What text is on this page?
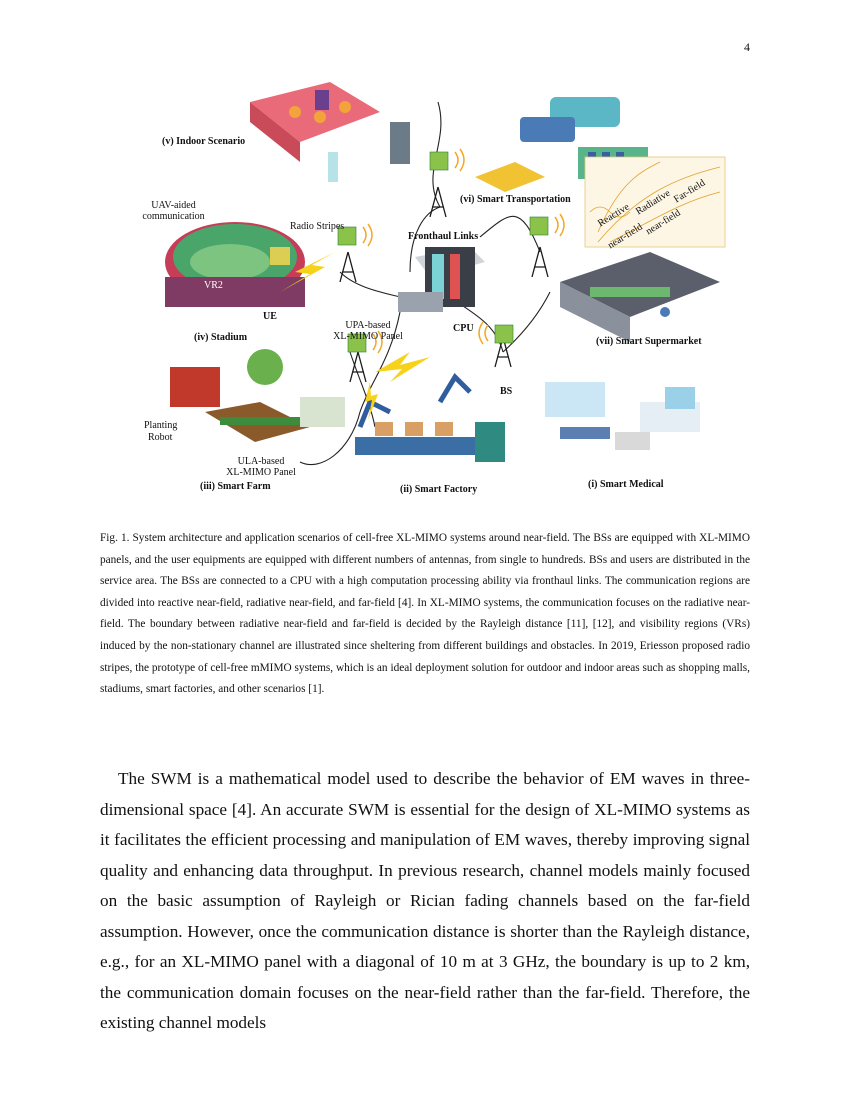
4
(v) Indoor Scenario
UAV-aided
communication
Radio Stripes
(vi) Smart Transportation
Fronthaul Links
VR2
UE
(iv) Stadium
UPA-based
XL-MIMO Panel
CPU
(vii) Smart Supermarket
BS
Planting
Robot
ULA-based
XL-MIMO Panel
(iii) Smart Farm	(ii) Smart Factory	(i) Smart Medical
Reactive
near-field
Radiative
near-field
Far-field
Fig. 1. System architecture and application scenarios of cell-free XL-MIMO systems around near-field. The BSs are equipped with XL-MIMO panels, and the user equipments are equipped with different numbers of antennas, from single to hundreds. BSs and users are distributed in the service area. The BSs are connected to a CPU with a high computation processing ability via fronthaul links. The communication regions are divided into reactive near-field, radiative near-field, and far-field [4]. In XL-MIMO systems, the communication focuses on the radiative near-field. The boundary between radiative near-field and far-field is decided by the Rayleigh distance [11], [12], and visibility regions (VRs) induced by the non-stationary channel are illustrated since sheltering from different buildings and obstacles. In 2019, Eriesson proposed radio stripes, the prototype of cell-free mMIMO systems, which is an ideal deployment solution for outdoor and indoor areas such as shopping malls, stadiums, smart factories, and other scenarios [1].

The SWM is a mathematical model used to describe the behavior of EM waves in three-dimensional space [4]. An accurate SWM is essential for the design of XL-MIMO systems as it facilitates the efficient processing and manipulation of EM waves, thereby improving signal quality and enhancing data throughput. In previous research, channel models mainly focused on the basic assumption of Rayleigh or Rician fading channels based on the far-field assumption. However, once the communication distance is shorter than the Rayleigh distance, e.g., for an XL-MIMO panel with a diagonal of 10 m at 3 GHz, the boundary is up to 2 km, the communication domain focuses on the near-field rather than the far-field. Therefore, the existing channel models
